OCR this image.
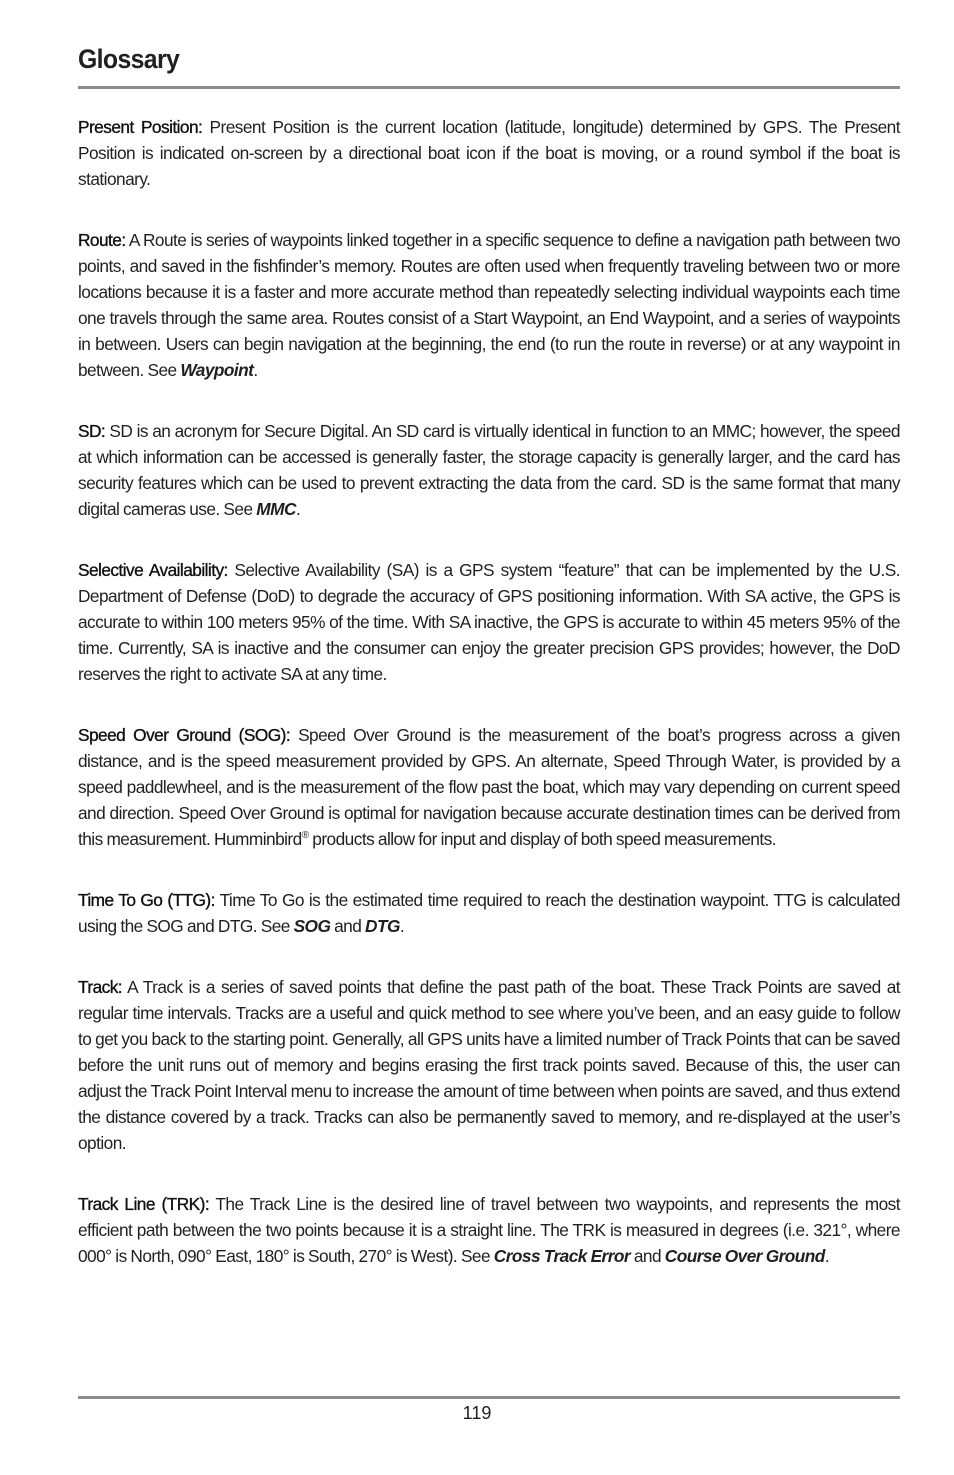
Glossary

Present Position: Present Position is the current location (latitude, longitude) determined by GPS. The Present Position is indicated on-screen by a directional boat icon if the boat is moving, or a round symbol if the boat is stationary.

Route: A Route is series of waypoints linked together in a specific sequence to define a navigation path between two points, and saved in the fishfinder’s memory. Routes are often used when frequently traveling between two or more locations because it is a faster and more accurate method than repeatedly selecting individual waypoints each time one travels through the same area. Routes consist of a Start Waypoint, an End Waypoint, and a series of waypoints in between. Users can begin navigation at the beginning, the end (to run the route in reverse) or at any waypoint in between. See Waypoint.

SD: SD is an acronym for Secure Digital. An SD card is virtually identical in function to an MMC; however, the speed at which information can be accessed is generally faster, the storage capacity is generally larger, and the card has security features which can be used to prevent extracting the data from the card. SD is the same format that many digital cameras use. See MMC.

Selective Availability: Selective Availability (SA) is a GPS system “feature” that can be implemented by the U.S. Department of Defense (DoD) to degrade the accuracy of GPS positioning information. With SA active, the GPS is accurate to within 100 meters 95% of the time. With SA inactive, the GPS is accurate to within 45 meters 95% of the time. Currently, SA is inactive and the consumer can enjoy the greater precision GPS provides; however, the DoD reserves the right to activate SA at any time.

Speed Over Ground (SOG): Speed Over Ground is the measurement of the boat’s progress across a given distance, and is the speed measurement provided by GPS. An alternate, Speed Through Water, is provided by a speed paddlewheel, and is the measurement of the flow past the boat, which may vary depending on current speed and direction. Speed Over Ground is optimal for navigation because accurate destination times can be derived from this measurement. Humminbird® products allow for input and display of both speed measurements.

Time To Go (TTG): Time To Go is the estimated time required to reach the destination waypoint. TTG is calculated using the SOG and DTG. See SOG and DTG.

Track: A Track is a series of saved points that define the past path of the boat. These Track Points are saved at regular time intervals. Tracks are a useful and quick method to see where you’ve been, and an easy guide to follow to get you back to the starting point. Generally, all GPS units have a limited number of Track Points that can be saved before the unit runs out of memory and begins erasing the first track points saved. Because of this, the user can adjust the Track Point Interval menu to increase the amount of time between when points are saved, and thus extend the distance covered by a track. Tracks can also be permanently saved to memory, and re-displayed at the user’s option.

Track Line (TRK): The Track Line is the desired line of travel between two waypoints, and represents the most efficient path between the two points because it is a straight line. The TRK is measured in degrees (i.e. 321°, where 000° is North, 090° East, 180° is South, 270° is West). See Cross Track Error and Course Over Ground.

119
